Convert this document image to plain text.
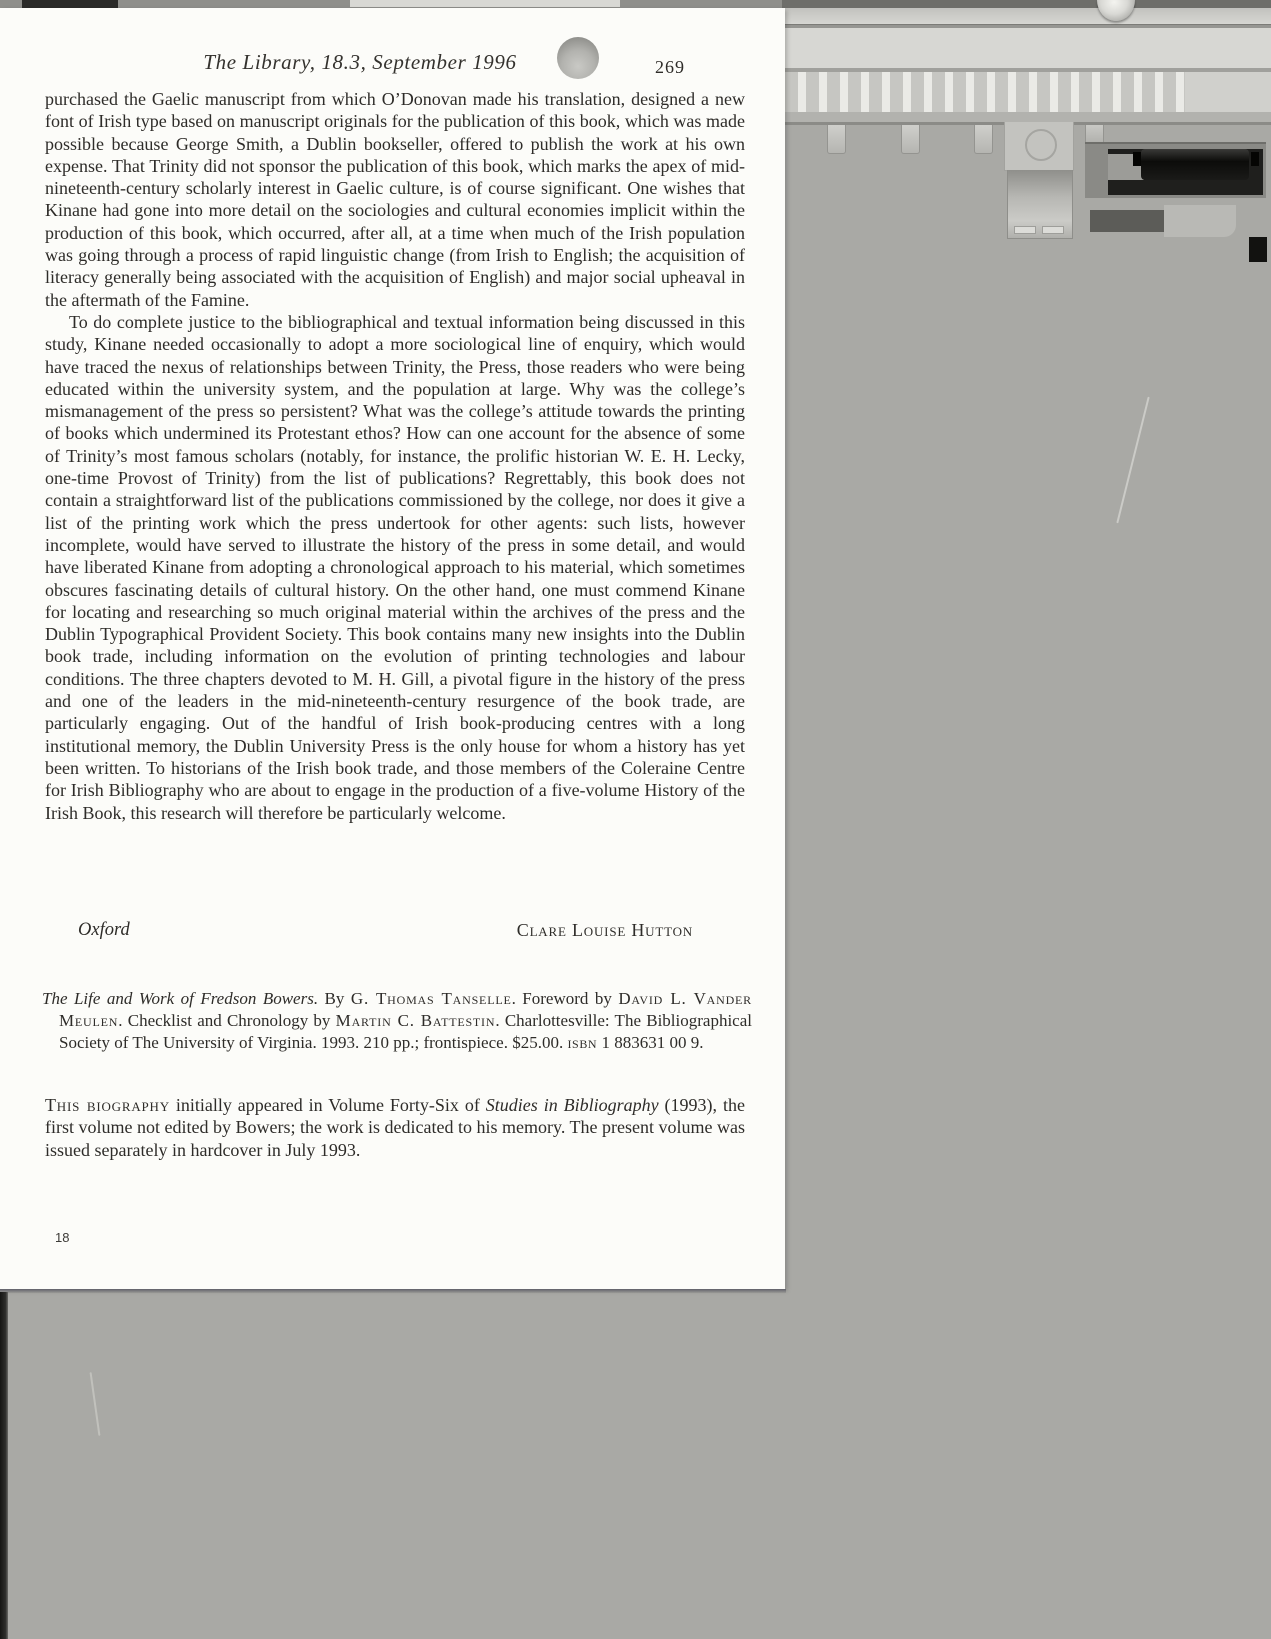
The Library, 18.3, September 1996	269

purchased the Gaelic manuscript from which O’Donovan made his translation, designed a new font of Irish type based on manuscript originals for the publication of this book, which was made possible because George Smith, a Dublin bookseller, offered to publish the work at his own expense. That Trinity did not sponsor the publication of this book, which marks the apex of mid-nineteenth-century scholarly interest in Gaelic culture, is of course significant. One wishes that Kinane had gone into more detail on the sociologies and cultural economies implicit within the production of this book, which occurred, after all, at a time when much of the Irish population was going through a process of rapid linguistic change (from Irish to English; the acquisition of literacy generally being associated with the acquisition of English) and major social upheaval in the aftermath of the Famine.

To do complete justice to the bibliographical and textual information being discussed in this study, Kinane needed occasionally to adopt a more sociological line of enquiry, which would have traced the nexus of relationships between Trinity, the Press, those readers who were being educated within the university system, and the population at large. Why was the college’s mismanagement of the press so persistent? What was the college’s attitude towards the printing of books which undermined its Protestant ethos? How can one account for the absence of some of Trinity’s most famous scholars (notably, for instance, the prolific historian W. E. H. Lecky, one-time Provost of Trinity) from the list of publications? Regrettably, this book does not contain a straightforward list of the publications commissioned by the college, nor does it give a list of the printing work which the press undertook for other agents: such lists, however incomplete, would have served to illustrate the history of the press in some detail, and would have liberated Kinane from adopting a chronological approach to his material, which sometimes obscures fascinating details of cultural history. On the other hand, one must commend Kinane for locating and researching so much original material within the archives of the press and the Dublin Typographical Provident Society. This book contains many new insights into the Dublin book trade, including information on the evolution of printing technologies and labour conditions. The three chapters devoted to M. H. Gill, a pivotal figure in the history of the press and one of the leaders in the mid-nineteenth-century resurgence of the book trade, are particularly engaging. Out of the handful of Irish book-producing centres with a long institutional memory, the Dublin University Press is the only house for whom a history has yet been written. To historians of the Irish book trade, and those members of the Coleraine Centre for Irish Bibliography who are about to engage in the production of a five-volume History of the Irish Book, this research will therefore be particularly welcome.

Oxford	Clare Louise Hutton
The Life and Work of Fredson Bowers. By G. Thomas Tanselle. Foreword by David L. Vander Meulen. Checklist and Chronology by Martin C. Battestin. Charlottesville: The Bibliographical Society of The University of Virginia. 1993. 210 pp.; frontispiece. $25.00. isbn 1 883631 00 9.

This biography initially appeared in Volume Forty-Six of Studies in Bibliography (1993), the first volume not edited by Bowers; the work is dedicated to his memory. The present volume was issued separately in hardcover in July 1993.

18
